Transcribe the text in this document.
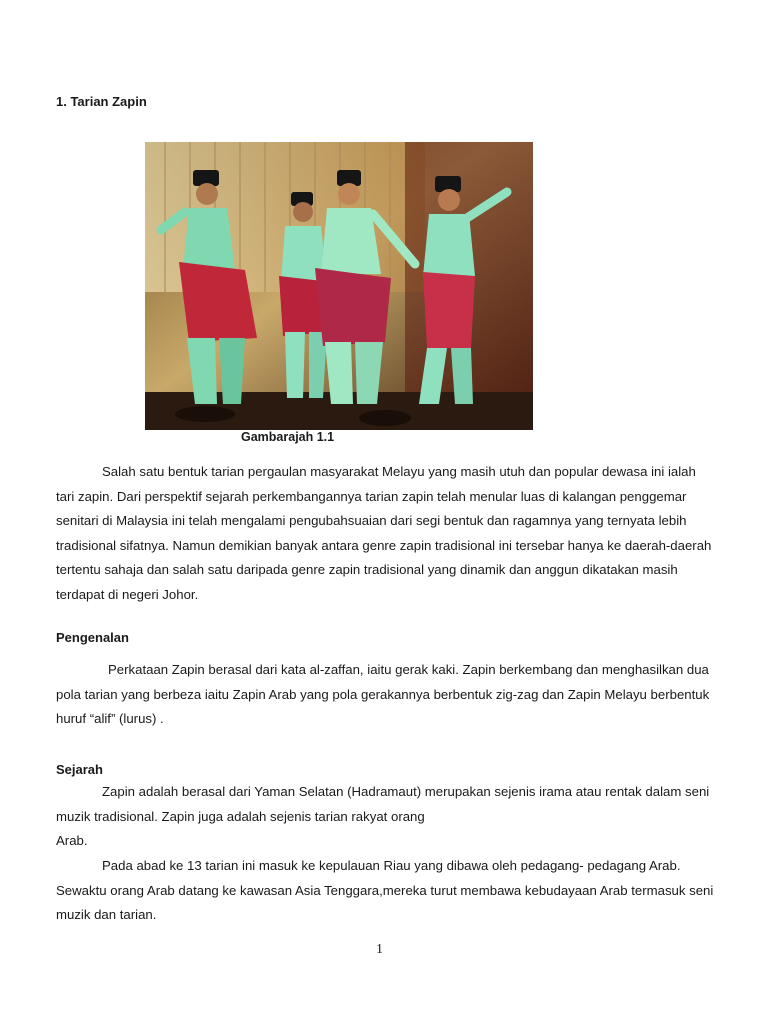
1. Tarian Zapin
Gambarajah 1.1

Salah satu bentuk tarian pergaulan masyarakat Melayu yang masih utuh dan popular dewasa ini ialah tari zapin. Dari perspektif sejarah perkembangannya tarian zapin telah menular luas di kalangan penggemar senitari di Malaysia ini telah mengalami pengubahsuaian dari segi bentuk dan ragamnya yang ternyata lebih tradisional sifatnya. Namun demikian banyak antara genre zapin tradisional ini tersebar hanya ke daerah-daerah tertentu sahaja dan salah satu daripada genre zapin tradisional yang dinamik dan anggun dikatakan masih terdapat di negeri Johor.

Pengenalan

Perkataan Zapin berasal dari kata al-zaffan, iaitu gerak kaki. Zapin berkembang dan menghasilkan dua pola tarian yang berbeza iaitu Zapin Arab yang pola gerakannya berbentuk zig-zag dan Zapin Melayu berbentuk huruf “alif” (lurus) .

Sejarah

Zapin adalah berasal dari Yaman Selatan (Hadramaut) merupakan sejenis irama atau rentak dalam seni muzik tradisional. Zapin juga adalah sejenis tarian rakyat orang
Arab.

Pada abad ke 13 tarian ini masuk ke kepulauan Riau yang dibawa oleh pedagang- pedagang Arab. Sewaktu orang Arab datang ke kawasan Asia Tenggara,mereka turut membawa kebudayaan Arab termasuk seni muzik dan tarian.

1
